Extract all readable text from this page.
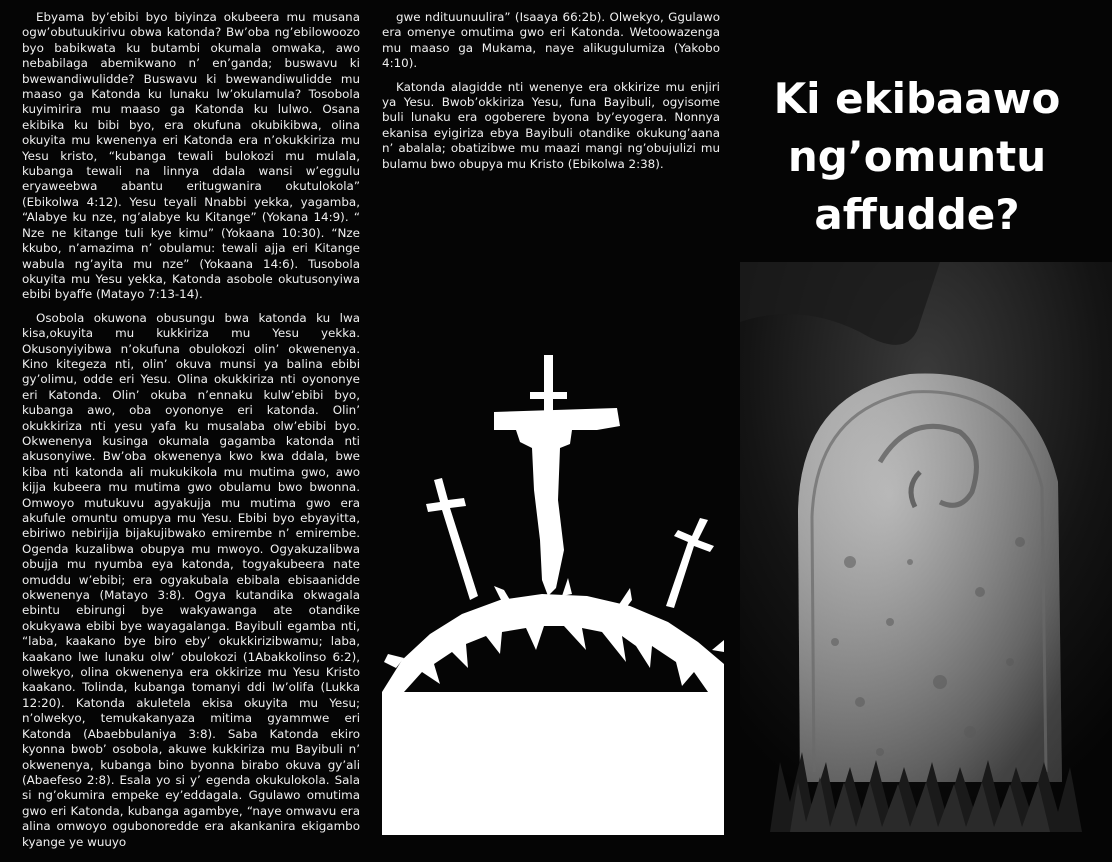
Ebyama by’ebibi byo biyinza okubeera mu musana ogw’obutuukirivu obwa katonda? Bw’oba ng’ebilowoozo byo babikwata ku butambi okumala omwaka, awo nebabilaga abemikwano n’ en’ganda; buswavu ki bwewandiwulidde? Buswavu ki bwewandiwulidde mu maaso ga Katonda ku lunaku lw’okulamula? Tosobola kuyimirira mu maaso ga Katonda ku lulwo. Osana ekibika ku bibi byo, era okufuna okubikibwa, olina okuyita mu kwenenya eri Katonda era n’okukkiriza mu Yesu kristo, “kubanga tewali bulokozi mu mulala, kubanga tewali na linnya ddala wansi w’eggulu eryaweebwa abantu eritugwanira okutulokola” (Ebikolwa 4:12). Yesu teyali Nnabbi yekka, yagamba, “Alabye ku nze, ng’alabye ku Kitange” (Yokana 14:9). “ Nze ne kitange tuli kye kimu” (Yokaana 10:30). “Nze kkubo, n’amazima n’ obulamu: tewali ajja eri Kitange wabula ng’ayita mu nze” (Yokaana 14:6). Tusobola okuyita mu Yesu yekka, Katonda asobole okutusonyiwa ebibi byaffe (Matayo 7:13-14).

Osobola okuwona obusungu bwa katonda ku lwa kisa,okuyita mu kukkiriza mu Yesu yekka. Okusonyiyibwa n’okufuna obulokozi olin’ okwenenya. Kino kitegeza nti, olin’ okuva munsi ya balina ebibi gy’olimu, odde eri Yesu. Olina okukkiriza nti oyononye eri Katonda. Olin’ okuba n’ennaku kulw’ebibi byo, kubanga awo, oba oyononye eri katonda. Olin’ okukkiriza nti yesu yafa ku musalaba olw’ebibi byo. Okwenenya kusinga okumala gagamba katonda nti akusonyiwe. Bw’oba okwenenya kwo kwa ddala, bwe kiba nti katonda ali mukukikola mu mutima gwo, awo kijja kubeera mu mutima gwo obulamu bwo bwonna. Omwoyo mutukuvu agyakujja mu mutima gwo era akufule omuntu omupya mu Yesu. Ebibi byo ebyayitta, ebiriwo nebirijja bijakujibwako emirembe n’ emirembe. Ogenda kuzalibwa obupya mu mwoyo. Ogyakuzalibwa obujja mu nyumba eya katonda, togyakubeera nate omuddu w’ebibi; era ogyakubala ebibala ebisaanidde okwenenya (Matayo 3:8). Ogya kutandika okwagala ebintu ebirungi bye wakyawanga ate otandike okukyawa ebibi bye wayagalanga. Bayibuli egamba nti, “laba, kaakano bye biro eby’ okukkirizibwamu; laba, kaakano lwe lunaku olw’ obulokozi (1Abakkolinso 6:2), olwekyo, olina okwenenya era okkirize mu Yesu Kristo kaakano. Tolinda, kubanga tomanyi ddi lw’olifa (Lukka 12:20). Katonda akuletela ekisa okuyita mu Yesu; n’olwekyo, temukakanyaza mitima gyammwe eri Katonda (Abaebbulaniya 3:8). Saba Katonda ekiro kyonna bwob’ osobola, akuwe kukkiriza mu Bayibuli n’ okwenenya, kubanga bino byonna birabo okuva gy’ali (Abaefeso 2:8). Esala yo si y’ egenda okukulokola. Sala si ng’okumira empeke ey’eddagala. Ggulawo omutima gwo eri Katonda, kubanga agambye, “naye omwavu era alina omwoyo ogubonoredde era akankanira ekigambo kyange ye wuuyo

gwe ndituunuulira” (Isaaya 66:2b). Olwekyo, Ggulawo era omenye omutima gwo eri Katonda. Wetoowazenga mu maaso ga Mukama, naye alikugulumiza (Yakobo 4:10).

Katonda alagidde nti wenenye era okkirize mu enjiri ya Yesu. Bwob’okkiriza Yesu, funa Bayibuli, ogyisome buli lunaku era ogoberere byona by’eyogera. Nonnya ekanisa eyigiriza ebya Bayibuli otandike okukung’aana n’ abalala; obatizibwe mu maazi mangi ng’obujulizi mu bulamu bwo obupya mu Kristo (Ebikolwa 2:38).

Ki ekibaawo
ng’omuntu
affudde?
